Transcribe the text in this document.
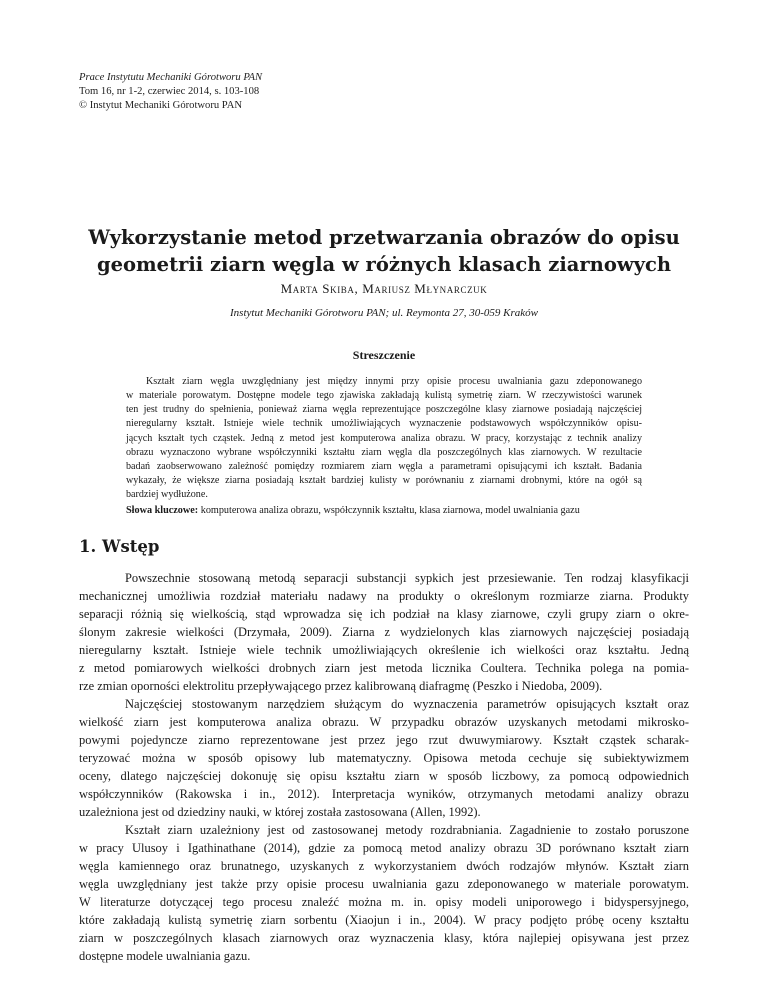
Prace Instytutu Mechaniki Górotworu PAN
Tom 16, nr 1-2, czerwiec 2014, s. 103-108
© Instytut Mechaniki Górotworu PAN
Wykorzystanie metod przetwarzania obrazów do opisu
geometrii ziarn węgla w różnych klasach ziarnowych

Marta Skiba, Mariusz Młynarczuk

Instytut Mechaniki Górotworu PAN; ul. Reymonta 27, 30-059 Kraków

Streszczenie

Kształt ziarn węgla uwzględniany jest między innymi przy opisie procesu uwalniania gazu zdeponowanego
w materiale porowatym. Dostępne modele tego zjawiska zakładają kulistą symetrię ziarn. W rzeczywistości warunek
ten jest trudny do spełnienia, ponieważ ziarna węgla reprezentujące poszczególne klasy ziarnowe posiadają najczęściej
nieregularny kształt. Istnieje wiele technik umożliwiających wyznaczenie podstawowych współczynników opisu-
jących kształt tych cząstek. Jedną z metod jest komputerowa analiza obrazu. W pracy, korzystając z technik analizy
obrazu wyznaczono wybrane współczynniki kształtu ziarn węgla dla poszczególnych klas ziarnowych. W rezultacie
badań zaobserwowano zależność pomiędzy rozmiarem ziarn węgla a parametrami opisującymi ich kształt. Badania
wykazały, że większe ziarna posiadają kształt bardziej kulisty w porównaniu z ziarnami drobnymi, które na ogół są
bardziej wydłużone.

Słowa kluczowe: komputerowa analiza obrazu, współczynnik kształtu, klasa ziarnowa, model uwalniania gazu

1. Wstęp

Powszechnie stosowaną metodą separacji substancji sypkich jest przesiewanie. Ten rodzaj klasyfikacji
mechanicznej umożliwia rozdział materiału nadawy na produkty o określonym rozmiarze ziarna. Produkty
separacji różnią się wielkością, stąd wprowadza się ich podział na klasy ziarnowe, czyli grupy ziarn o okre-
ślonym zakresie wielkości (Drzymała, 2009). Ziarna z wydzielonych klas ziarnowych najczęściej posiadają
nieregularny kształt. Istnieje wiele technik umożliwiających określenie ich wielkości oraz kształtu. Jedną
z metod pomiarowych wielkości drobnych ziarn jest metoda licznika Coultera. Technika polega na pomia-
rze zmian oporności elektrolitu przepływającego przez kalibrowaną diafragmę (Peszko i Niedoba, 2009).
Najczęściej stostowanym narzędziem służącym do wyznaczenia parametrów opisujących kształt oraz
wielkość ziarn jest komputerowa analiza obrazu. W przypadku obrazów uzyskanych metodami mikrosko-
powymi pojedyncze ziarno reprezentowane jest przez jego rzut dwuwymiarowy. Kształt cząstek scharak-
teryzować można w sposób opisowy lub matematyczny. Opisowa metoda cechuje się subiektywizmem
oceny, dlatego najczęściej dokonuję się opisu kształtu ziarn w sposób liczbowy, za pomocą odpowiednich
współczynników (Rakowska i in., 2012). Interpretacja wyników, otrzymanych metodami analizy obrazu
uzależniona jest od dziedziny nauki, w której została zastosowana (Allen, 1992).
Kształt ziarn uzależniony jest od zastosowanej metody rozdrabniania. Zagadnienie to zostało poruszone
w pracy Ulusoy i Igathinathane (2014), gdzie za pomocą metod analizy obrazu 3D porównano kształt ziarn
węgla kamiennego oraz brunatnego, uzyskanych z wykorzystaniem dwóch rodzajów młynów. Kształt ziarn
węgla uwzględniany jest także przy opisie procesu uwalniania gazu zdeponowanego w materiale porowatym.
W literaturze dotyczącej tego procesu znaleźć można m. in. opisy modeli uniporowego i bidyspersyjnego,
które zakładają kulistą symetrię ziarn sorbentu (Xiaojun i in., 2004). W pracy podjęto próbę oceny kształtu
ziarn w poszczególnych klasach ziarnowych oraz wyznaczenia klasy, która najlepiej opisywana jest przez
dostępne modele uwalniania gazu.
